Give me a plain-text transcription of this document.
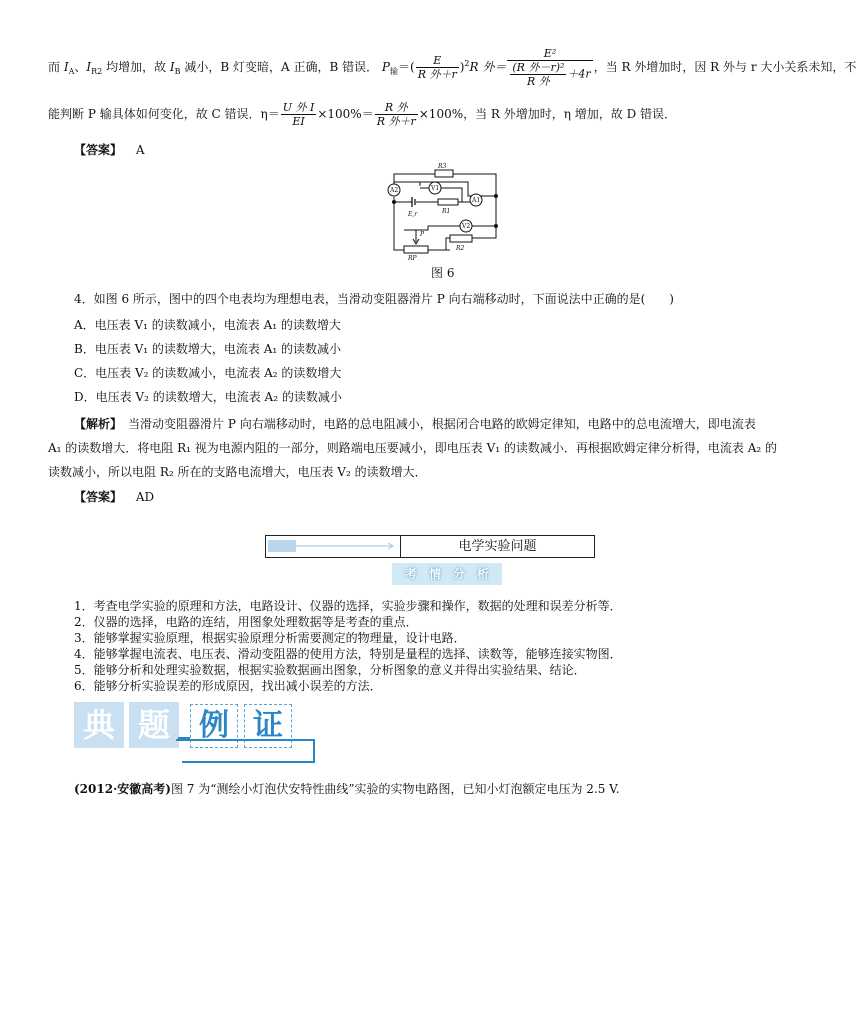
而 $I_A$、$I_{R2}$ 均增加，故 $I_B$ 减小，B 灯变暗，A 正确，B 错误． $P_输=( \frac{E}{\text{R 外＋r}} )^2R$ 外＝ $\frac{\text{E²}}{\frac{\text{(R 外－r)²}}{\text{R 外}} +4r}$ ，当 R 外增加时，因 R 外与 r 大小关系未知，不
能判断 P 输具体如何变化，故 C 错误．$\eta= \frac{\text{U 外 I}}{EI} \times 100\%= \frac{\text{R 外}}{\text{R 外＋r}} \times 100\%$，当 R 外增加时，η 增加，故 D 错误．
【答案】 A
R3
A2	V1
A1
R1
E,r
P
V2
RP
R2
图 6
4．如图 6 所示，图中的四个电表均为理想电表，当滑动变阻器滑片 P 向右端移动时，下面说法中正确的是(　　)
A．电压表 V₁ 的读数减小，电流表 A₁ 的读数增大
B．电压表 V₁ 的读数增大，电流表 A₁ 的读数减小
C．电压表 V₂ 的读数减小，电流表 A₂ 的读数增大
D．电压表 V₂ 的读数增大，电流表 A₂ 的读数减小
【解析】　 当滑动变阻器滑片 P 向右端移动时，电路的总电阻减小，根据闭合电路的欧姆定律知，电路中的总电流增大，即电流表
A₁ 的读数增大．将电阻 R₁ 视为电源内阻的一部分，则路端电压要减小，即电压表 V₁ 的读数减小．再根据欧姆定律分析得，电流表 A₂ 的
读数减小，所以电阻 R₂ 所在的支路电流增大，电压表 V₂ 的读数增大．
【答案】 AD
电学实验问题
考　情　分　析
1．考查电学实验的原理和方法，电路设计、仪器的选择，实验步骤和操作，数据的处理和误差分析等．
2．仪器的选择，电路的连结，用图象处理数据等是考查的重点．
3．能够掌握实验原理，根据实验原理分析需要测定的物理量，设计电路．
4．能够掌握电流表、电压表、滑动变阻器的使用方法，特别是量程的选择、读数等，能够连接实物图．
5．能够分析和处理实验数据，根据实验数据画出图象，分析图象的意义并得出实验结果、结论．
6．能够分析实验误差的形成原因，找出减小误差的方法．
典 题 例 证
(2012·安徽高考)图 7 为“测绘小灯泡伏安特性曲线”实验的实物电路图，已知小灯泡额定电压为 2.5 V.
